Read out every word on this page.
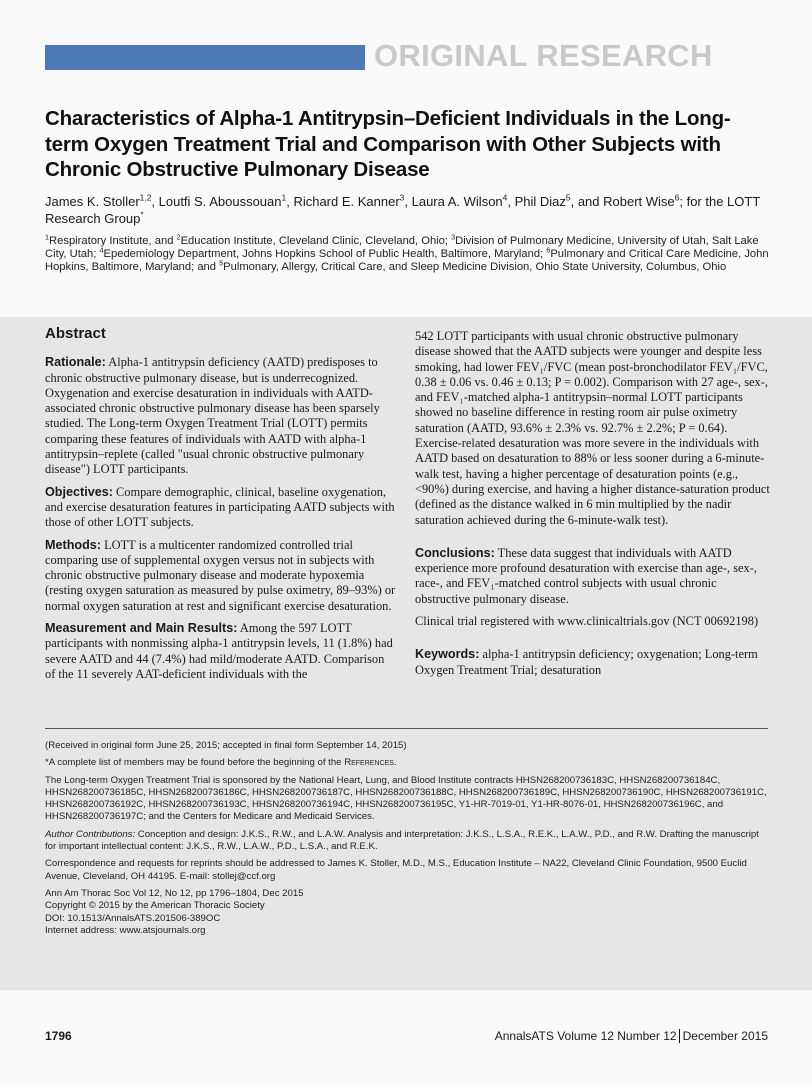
ORIGINAL RESEARCH
Characteristics of Alpha-1 Antitrypsin–Deficient Individuals in the Long-term Oxygen Treatment Trial and Comparison with Other Subjects with Chronic Obstructive Pulmonary Disease
James K. Stoller$^{1,2}$, Loutfi S. Aboussouan$^1$, Richard E. Kanner$^3$, Laura A. Wilson$^4$, Phil Diaz$^5$, and Robert Wise$^6$; for the LOTT Research Group*
$^1$Respiratory Institute, and $^2$Education Institute, Cleveland Clinic, Cleveland, Ohio; $^3$Division of Pulmonary Medicine, University of Utah, Salt Lake City, Utah; $^4$Epedemiology Department, Johns Hopkins School of Public Health, Baltimore, Maryland; $^6$Pulmonary and Critical Care Medicine, John Hopkins, Baltimore, Maryland; and $^5$Pulmonary, Allergy, Critical Care, and Sleep Medicine Division, Ohio State University, Columbus, Ohio
Abstract

Rationale: Alpha-1 antitrypsin deficiency (AATD) predisposes to chronic obstructive pulmonary disease, but is underrecognized. Oxygenation and exercise desaturation in individuals with AATD-associated chronic obstructive pulmonary disease has been sparsely studied. The Long-term Oxygen Treatment Trial (LOTT) permits comparing these features of individuals with AATD with alpha-1 antitrypsin–replete (called "usual chronic obstructive pulmonary disease") LOTT participants.

Objectives: Compare demographic, clinical, baseline oxygenation, and exercise desaturation features in participating AATD subjects with those of other LOTT subjects.

Methods: LOTT is a multicenter randomized controlled trial comparing use of supplemental oxygen versus not in subjects with chronic obstructive pulmonary disease and moderate hypoxemia (resting oxygen saturation as measured by pulse oximetry, 89–93%) or normal oxygen saturation at rest and significant exercise desaturation.

Measurement and Main Results: Among the 597 LOTT participants with nonmissing alpha-1 antitrypsin levels, 11 (1.8%) had severe AATD and 44 (7.4%) had mild/moderate AATD. Comparison of the 11 severely AAT-deficient individuals with the

542 LOTT participants with usual chronic obstructive pulmonary disease showed that the AATD subjects were younger and despite less smoking, had lower FEV₁/FVC (mean post-bronchodilator FEV₁/FVC, 0.38 ± 0.06 vs. 0.46 ± 0.13; P = 0.002). Comparison with 27 age-, sex-, and FEV₁-matched alpha-1 antitrypsin–normal LOTT participants showed no baseline difference in resting room air pulse oximetry saturation (AATD, 93.6% ± 2.3% vs. 92.7% ± 2.2%; P = 0.64). Exercise-related desaturation was more severe in the individuals with AATD based on desaturation to 88% or less sooner during a 6-minute-walk test, having a higher percentage of desaturation points (e.g., <90%) during exercise, and having a higher distance-saturation product (defined as the distance walked in 6 min multiplied by the nadir saturation achieved during the 6-minute-walk test).

Conclusions: These data suggest that individuals with AATD experience more profound desaturation with exercise than age-, sex-, race-, and FEV₁-matched control subjects with usual chronic obstructive pulmonary disease.

Clinical trial registered with www.clinicaltrials.gov (NCT 00692198)

Keywords: alpha-1 antitrypsin deficiency; oxygenation; Long-term Oxygen Treatment Trial; desaturation

(Received in original form June 25, 2015; accepted in final form September 14, 2015)

*A complete list of members may be found before the beginning of the References.

The Long-term Oxygen Treatment Trial is sponsored by the National Heart, Lung, and Blood Institute contracts HHSN268200736183C, HHSN268200736184C, HHSN268200736185C, HHSN268200736186C, HHSN268200736187C, HHSN268200736188C, HHSN268200736189C, HHSN268200736190C, HHSN268200736191C, HHSN268200736192C, HHSN268200736193C, HHSN268200736194C, HHSN268200736195C, Y1-HR-7019-01, Y1-HR-8076-01, HHSN268200736196C, and HHSN268200736197C; and the Centers for Medicare and Medicaid Services.

Author Contributions: Conception and design: J.K.S., R.W., and L.A.W. Analysis and interpretation: J.K.S., L.S.A., R.E.K., L.A.W., P.D., and R.W. Drafting the manuscript for important intellectual content: J.K.S., R.W., L.A.W., P.D., L.S.A., and R.E.K.

Correspondence and requests for reprints should be addressed to James K. Stoller, M.D., M.S., Education Institute – NA22, Cleveland Clinic Foundation, 9500 Euclid Avenue, Cleveland, OH 44195. E-mail: stollej@ccf.org

Ann Am Thorac Soc Vol 12, No 12, pp 1796–1804, Dec 2015
Copyright © 2015 by the American Thoracic Society
DOI: 10.1513/AnnalsATS.201506-389OC
Internet address: www.atsjournals.org
1796	AnnalsATS Volume 12 Number 12 December 2015
